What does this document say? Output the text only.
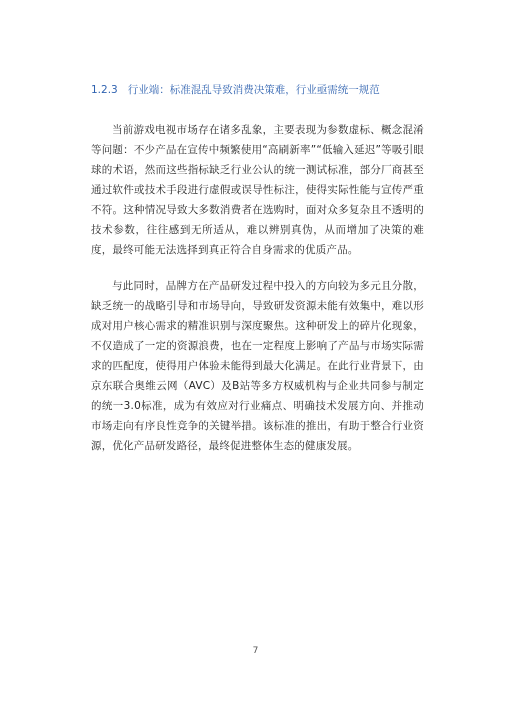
1.2.3 行业端：标准混乱导致消费决策难，行业亟需统一规范

当前游戏电视市场存在诸多乱象，主要表现为参数虚标、概念混淆等问题：不少产品在宣传中频繁使用“高刷新率”“低输入延迟”等吸引眼球的术语，然而这些指标缺乏行业公认的统一测试标准，部分厂商甚至通过软件或技术手段进行虚假或误导性标注，使得实际性能与宣传严重不符。这种情况导致大多数消费者在选购时，面对众多复杂且不透明的技术参数，往往感到无所适从，难以辨别真伪，从而增加了决策的难度，最终可能无法选择到真正符合自身需求的优质产品。

与此同时，品牌方在产品研发过程中投入的方向较为多元且分散，缺乏统一的战略引导和市场导向，导致研发资源未能有效集中，难以形成对用户核心需求的精准识别与深度聚焦。这种研发上的碎片化现象，不仅造成了一定的资源浪费，也在一定程度上影响了产品与市场实际需求的匹配度，使得用户体验未能得到最大化满足。在此行业背景下，由京东联合奥维云网（AVC）及B站等多方权威机构与企业共同参与制定的统一3.0标准，成为有效应对行业痛点、明确技术发展方向、并推动市场走向有序良性竞争的关键举措。该标准的推出，有助于整合行业资源，优化产品研发路径，最终促进整体生态的健康发展。

7
